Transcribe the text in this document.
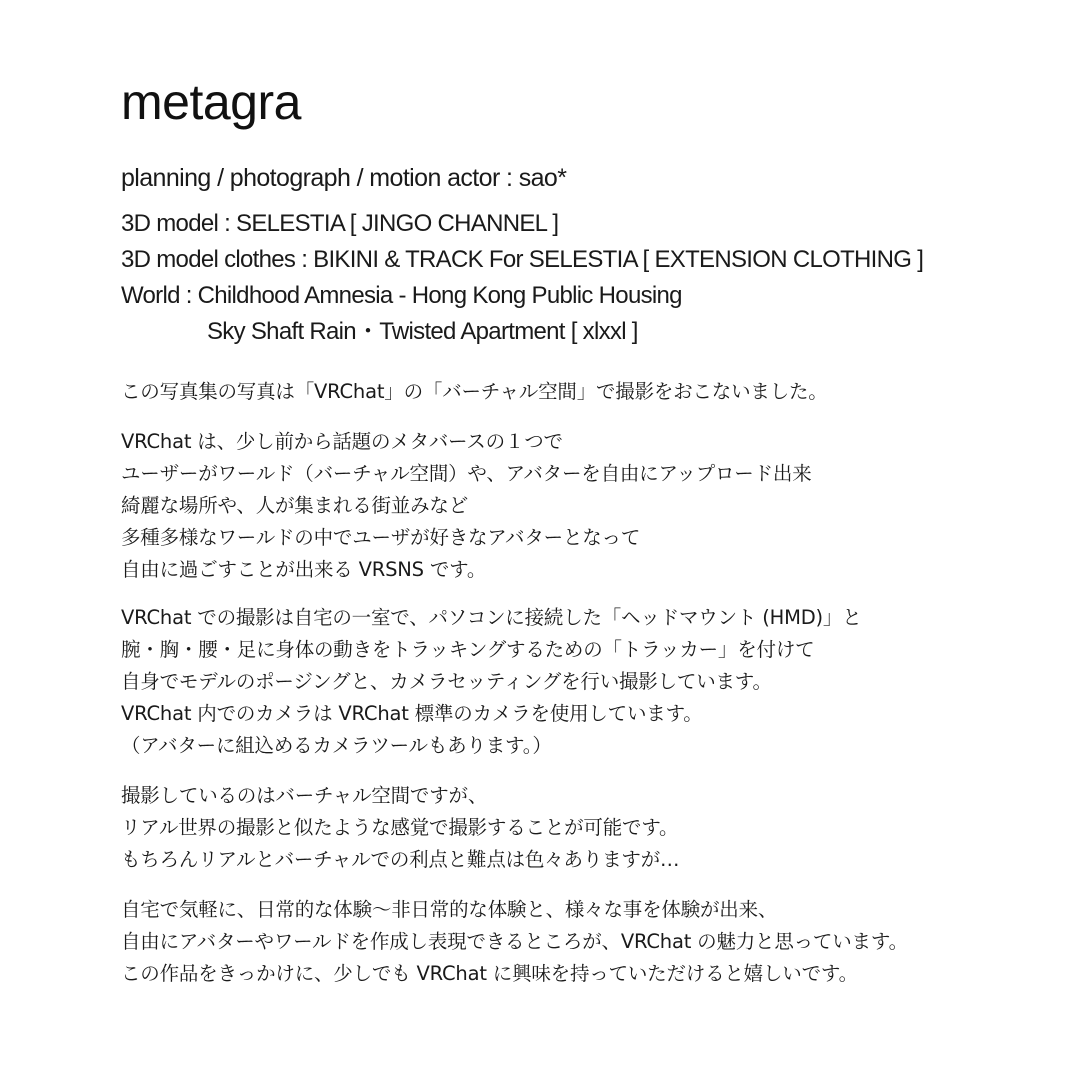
metagra
planning / photograph / motion actor : sao*
3D model : SELESTIA [ JINGO CHANNEL ]
3D model clothes : BIKINI & TRACK For SELESTIA [ EXTENSION CLOTHING ]
World : Childhood Amnesia - Hong Kong Public Housing
Sky Shaft Rain・Twisted Apartment [ xlxxl ]
この写真集の写真は「VRChat」の「バーチャル空間」で撮影をおこないました。
VRChat は、少し前から話題のメタバースの１つで
ユーザーがワールド（バーチャル空間）や、アバターを自由にアップロード出来
綺麗な場所や、人が集まれる街並みなど
多種多様なワールドの中でユーザが好きなアバターとなって
自由に過ごすことが出来る VRSNS です。
VRChat での撮影は自宅の一室で、パソコンに接続した「ヘッドマウント (HMD)」と
腕・胸・腰・足に身体の動きをトラッキングするための「トラッカー」を付けて
自身でモデルのポージングと、カメラセッティングを行い撮影しています。
VRChat 内でのカメラは VRChat 標準のカメラを使用しています。
（アバターに組込めるカメラツールもあります。）
撮影しているのはバーチャル空間ですが、
リアル世界の撮影と似たような感覚で撮影することが可能です。
もちろんリアルとバーチャルでの利点と難点は色々ありますが…
自宅で気軽に、日常的な体験〜非日常的な体験と、様々な事を体験が出来、
自由にアバターやワールドを作成し表現できるところが、VRChat の魅力と思っています。
この作品をきっかけに、少しでも VRChat に興味を持っていただけると嬉しいです。
